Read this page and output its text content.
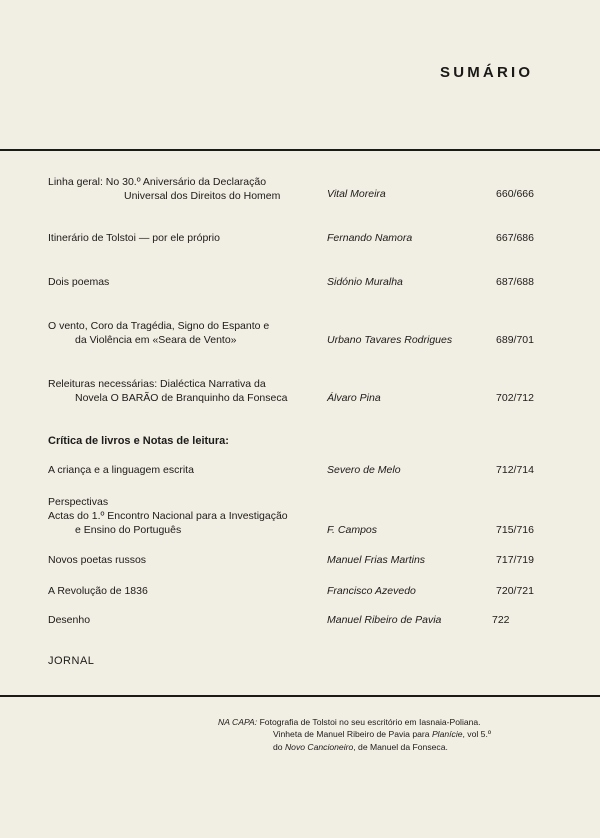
SUMÁRIO
Linha geral: No 30.º Aniversário da Declaração
Universal dos Direitos do Homem	Vital Moreira	660/666
Itinerário de Tolstoi — por ele próprio	Fernando Namora	667/686
Dois poemas	Sidónio Muralha	687/688
O vento, Coro da Tragédia, Signo do Espanto e
da Violência em «Seara de Vento»	Urbano Tavares Rodrigues	689/701
Releituras necessárias: Dialéctica Narrativa da
Novela O BARÃO de Branquinho da Fonseca	Álvaro Pina	702/712
Crítica de livros e Notas de leitura:
A criança e a linguagem escrita	Severo de Melo	712/714
Perspectivas
Actas do 1.º Encontro Nacional para a Investigação
e Ensino do Português	F. Campos	715/716
Novos poetas russos	Manuel Frias Martins	717/719
A Revolução de 1836	Francisco Azevedo	720/721
Desenho	Manuel Ribeiro de Pavia	722
JORNAL
NA CAPA: Fotografia de Tolstoi no seu escritório em Iasnaia-Poliana.
Vinheta de Manuel Ribeiro de Pavia para Planície, vol 5.º
do Novo Cancioneiro, de Manuel da Fonseca.
